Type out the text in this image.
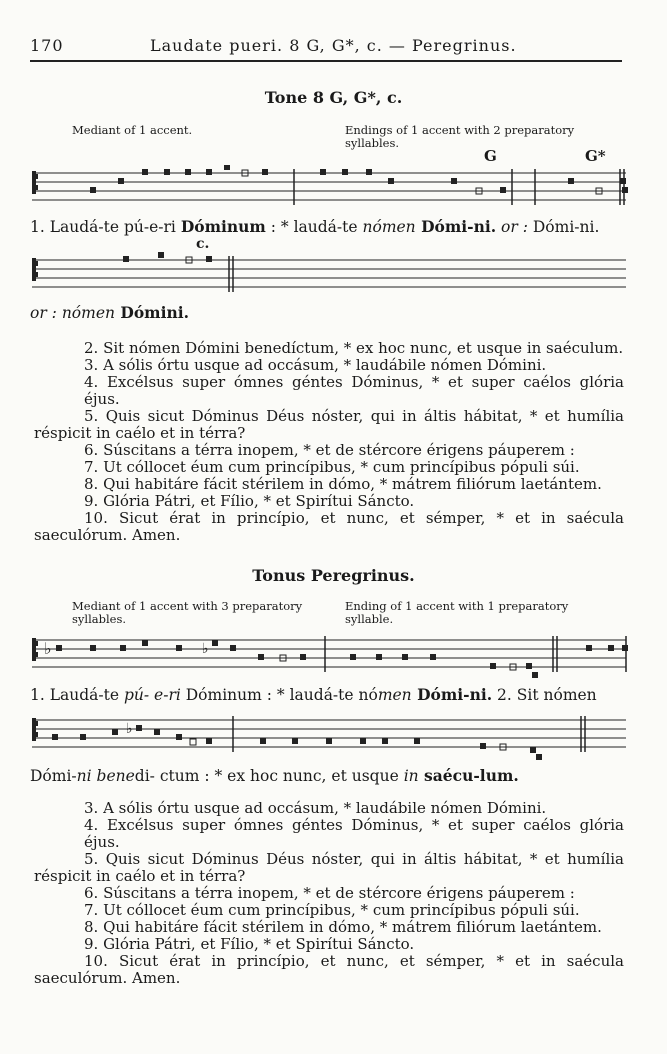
170	Laudate pueri. 8 G, G*, c. — Peregrinus.
Tone 8 G, G*, c.
Mediant of 1 accent.	Endings of 1 accent with 2 preparatory
syllables.
G	G*
1. Laudá-te pú-e-ri Dóminum : * laudá-te nómen Dómi-ni. or : Dómi-ni.
c.
or : nómen Dómini.

2. Sit nómen Dómini benedíctum, * ex hoc nunc, et usque in saéculum.

3. A sólis órtu usque ad occásum, * laudábile nómen Dómini.

4. Excélsus super ómnes géntes Dóminus, * et super caélos glória éjus.

5. Quis sicut Dóminus Déus nóster, qui in áltis hábitat, * et humília réspicit in caélo et in térra?

6. Súscitans a térra inopem, * et de stércore érigens páuperem :

7. Ut cóllocet éum cum princípibus, * cum princípibus pópuli súi.

8. Qui habitáre fácit stérilem in dómo, * mátrem filiórum laetántem.

9. Glória Pátri, et Fílio, * et Spirítui Sáncto.

10. Sicut érat in princípio, et nunc, et sémper, * et in saécula saeculórum. Amen.

Tonus Peregrinus.
Mediant of 1 accent with 3 preparatory
syllables.
Ending of 1 accent with 1 preparatory
syllable.
♭	♭
1. Laudá-te pú- e-ri Dóminum : * laudá-te nómen Dómi-ni. 2. Sit nómen
♭
Dómi-ni benedi- ctum : * ex hoc nunc, et usque in saécu-lum.

3. A sólis órtu usque ad occásum, * laudábile nómen Dómini.

4. Excélsus super ómnes géntes Dóminus, * et super caélos glória éjus.

5. Quis sicut Dóminus Déus nóster, qui in áltis hábitat, * et humília réspicit in caélo et in térra?

6. Súscitans a térra inopem, * et de stércore érigens páuperem :

7. Ut cóllocet éum cum princípibus, * cum princípibus pópuli súi.

8. Qui habitáre fácit stérilem in dómo, * mátrem filiórum laetántem.

9. Glória Pátri, et Fílio, * et Spirítui Sáncto.

10. Sicut érat in princípio, et nunc, et sémper, * et in saécula saeculórum. Amen.
